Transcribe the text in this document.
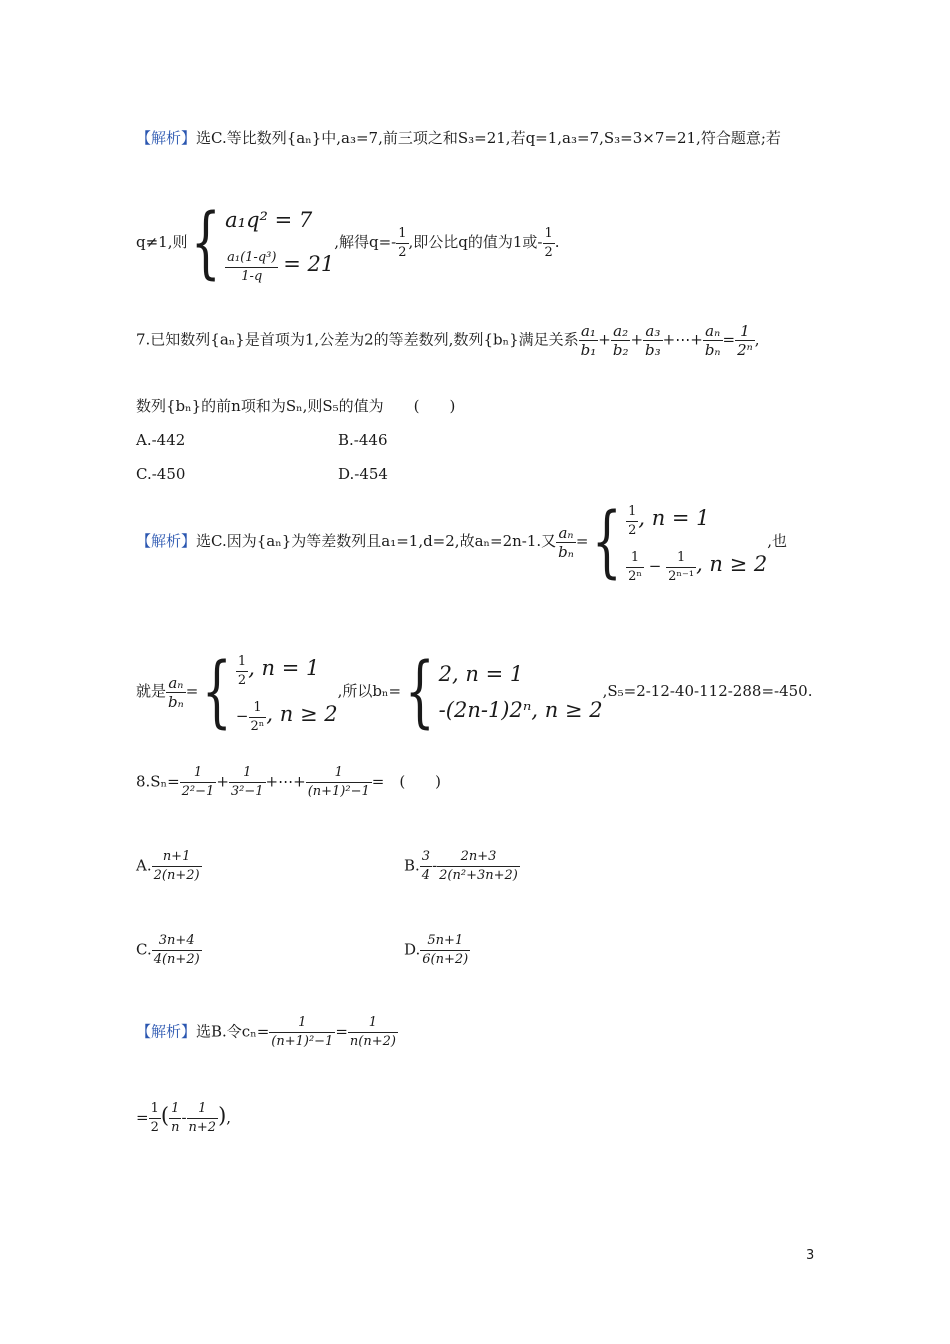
【解析】选C.等比数列{aₙ}中,a₃=7,前三项之和S₃=21,若q=1,a₃=7,S₃=3×7=21,符合题意;若
q≠1,则{ a₁q² = 7
$\frac{\text{a₁(1-q³)}}{1-q} = 21$
,解得$q=- \frac{1}{2}$ ,即公比q的值为1或- $\frac{1}{2}$ .
7.已知数列{aₙ}是首项为1,公差为2的等差数列,数列{bₙ}满足关系 $\frac{\text{a₁}}{\text{b₁}} + \frac{\text{a₂}}{\text{b₂}} + \frac{\text{a₃}}{\text{b₃}}$ +⋯+ $\frac{\text{aₙ}}{\text{bₙ}} = \frac{1}{\text{2ⁿ}}$ ,
数列{bₙ}的前n项和为Sₙ,则S₅的值为　　(　　)
A.-442	B.-446
C.-450	D.-454
【解析】选C.因为{aₙ}为等差数列且a₁=1,d=2,故aₙ=2n-1.又 $\frac{\text{aₙ}}{\text{bₙ}}$ ={ $\frac{1}{2}$ , n = 1
$\frac{1}{\text{2ⁿ}} - \frac{1}{\text{2ⁿ⁻¹}}$ , n ≥ 2
,也
就是 $\frac{\text{aₙ}}{\text{bₙ}}$ ={ $\frac{1}{2}$ , n = 1
− $\frac{1}{\text{2ⁿ}}$ , n ≥ 2
,所以bₙ={ 2, n = 1
-(2n-1)2ⁿ, n ≥ 2
,S₅=2-12-40-112-288=-450.
$8.S_n= \frac{1}{\text{2²−1}} + \frac{1}{\text{3²−1}}$ +⋯+ $\frac{1}{\text{(n+1)²−1}}$ =　(　　)
A. $\frac{n+1}{2(n+2)}$	B. $\frac{3}{4} - \frac{2n+3}{\text{2(n²+3n+2)}}$
C. $\frac{3n+4}{4(n+2)}$	D. $\frac{5n+1}{6(n+2)}$
【解析】选B.令$c_n= \frac{1}{\text{(n+1)²−1}} = \frac{1}{n(n+2)}$
= $\frac{1}{2}$ ( $\frac{1}{n} - \frac{1}{n+2}$ ),
3
